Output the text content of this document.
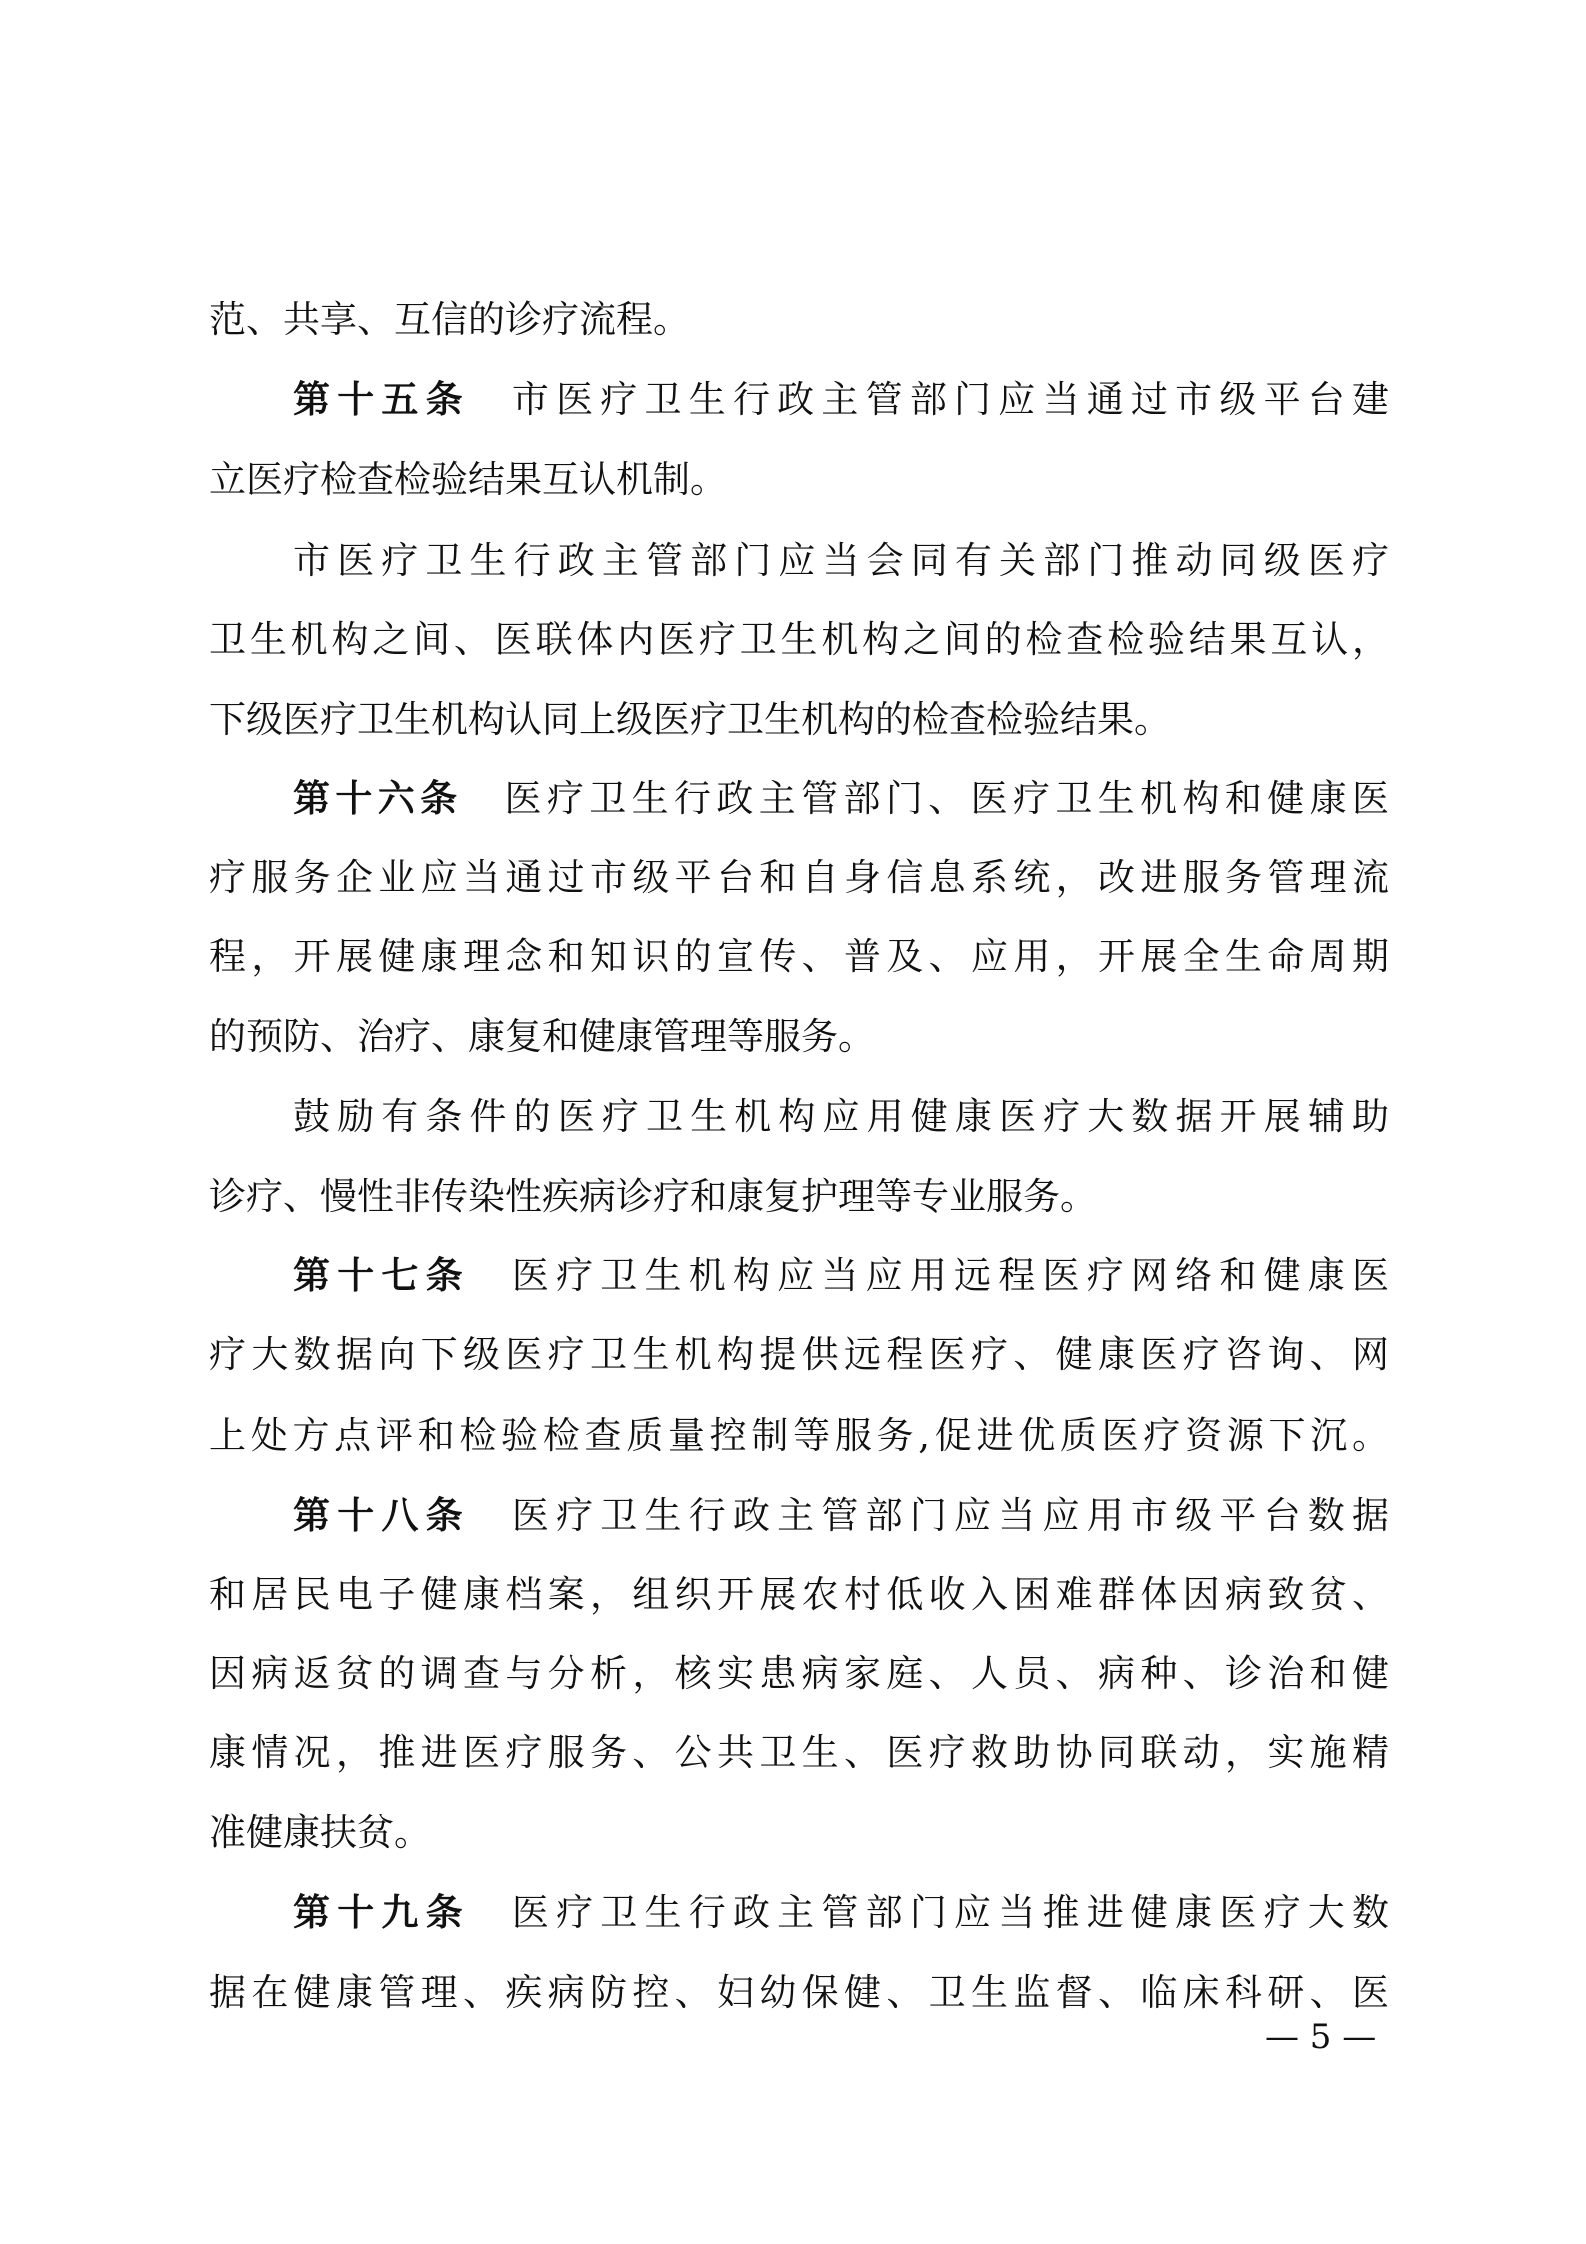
范、共享、互信的诊疗流程。
第十五条 市医疗卫生行政主管部门应当通过市级平台建
立医疗检查检验结果互认机制。
市医疗卫生行政主管部门应当会同有关部门推动同级医疗
卫生机构之间、医联体内医疗卫生机构之间的检查检验结果互认，
下级医疗卫生机构认同上级医疗卫生机构的检查检验结果。
第十六条 医疗卫生行政主管部门、医疗卫生机构和健康医
疗服务企业应当通过市级平台和自身信息系统，改进服务管理流
程，开展健康理念和知识的宣传、普及、应用，开展全生命周期
的预防、治疗、康复和健康管理等服务。
鼓励有条件的医疗卫生机构应用健康医疗大数据开展辅助
诊疗、慢性非传染性疾病诊疗和康复护理等专业服务。
第十七条 医疗卫生机构应当应用远程医疗网络和健康医
疗大数据向下级医疗卫生机构提供远程医疗、健康医疗咨询、网
上处方点评和检验检查质量控制等服务,促进优质医疗资源下沉。
第十八条 医疗卫生行政主管部门应当应用市级平台数据
和居民电子健康档案，组织开展农村低收入困难群体因病致贫、
因病返贫的调查与分析，核实患病家庭、人员、病种、诊治和健
康情况，推进医疗服务、公共卫生、医疗救助协同联动，实施精
准健康扶贫。
第十九条 医疗卫生行政主管部门应当推进健康医疗大数
据在健康管理、疾病防控、妇幼保健、卫生监督、临床科研、医
— 5 —
